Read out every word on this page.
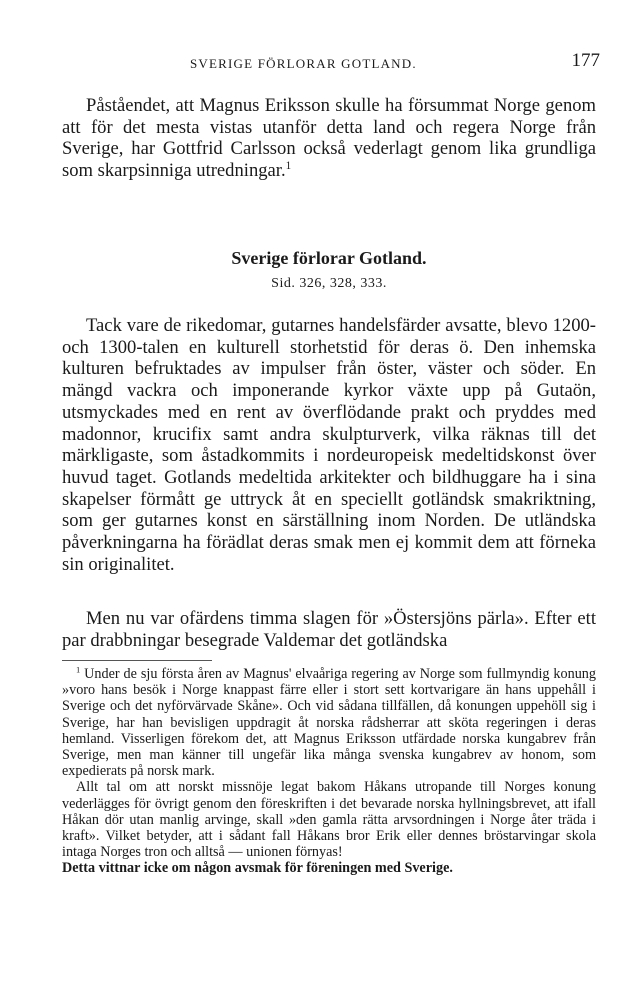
SVERIGE FÖRLORAR GOTLAND.	177

Påståendet, att Magnus Eriksson skulle ha försummat Norge genom att för det mesta vistas utanför detta land och regera Norge från Sverige, har Gottfrid Carlsson också vederlagt genom lika grundliga som skarpsinniga utredningar.$^1$

Sverige förlorar Gotland.
Sid. 326, 328, 333.

Tack vare de rikedomar, gutarnes handelsfärder avsatte, blevo 1200- och 1300-talen en kulturell storhetstid för deras ö. Den inhemska kulturen befruktades av impulser från öster, väster och söder. En mängd vackra och imponerande kyrkor växte upp på Gutaön, utsmyckades med en rent av överflödande prakt och pryddes med madonnor, krucifix samt andra skulpturverk, vilka räknas till det märkligaste, som åstadkommits i nordeuropeisk medeltidskonst över huvud taget. Gotlands medeltida arkitekter och bildhuggare ha i sina skapelser förmått ge uttryck åt en speciellt gotländsk smakriktning, som ger gutarnes konst en särställning inom Norden. De utländska påverkningarna ha förädlat deras smak men ej kommit dem att förneka sin originalitet.

Men nu var ofärdens timma slagen för »Östersjöns pärla». Efter ett par drabbningar besegrade Valdemar det gotländska

$^1$ Under de sju första åren av Magnus' elvaåriga regering av Norge som fullmyndig konung »voro hans besök i Norge knappast färre eller i stort sett kortvarigare än hans uppehåll i Sverige och det nyförvärvade Skåne». Och vid sådana tillfällen, då konungen uppehöll sig i Sverige, har han bevisligen uppdragit åt norska rådsherrar att sköta regeringen i deras hemland. Visserligen förekom det, att Magnus Eriksson utfärdade norska kungabrev från Sverige, men man känner till ungefär lika många svenska kungabrev av honom, som expedierats på norsk mark.

Allt tal om att norskt missnöje legat bakom Håkans utropande till Norges konung vederlägges för övrigt genom den föreskriften i det bevarade norska hyllningsbrevet, att ifall Håkan dör utan manlig arvinge, skall »den gamla rätta arvsordningen i Norge åter träda i kraft». Vilket betyder, att i sådant fall Håkans bror Erik eller dennes bröstarvingar skola intaga Norges tron och alltså — unionen förnyas!

Detta vittnar icke om någon avsmak för föreningen med Sverige.
